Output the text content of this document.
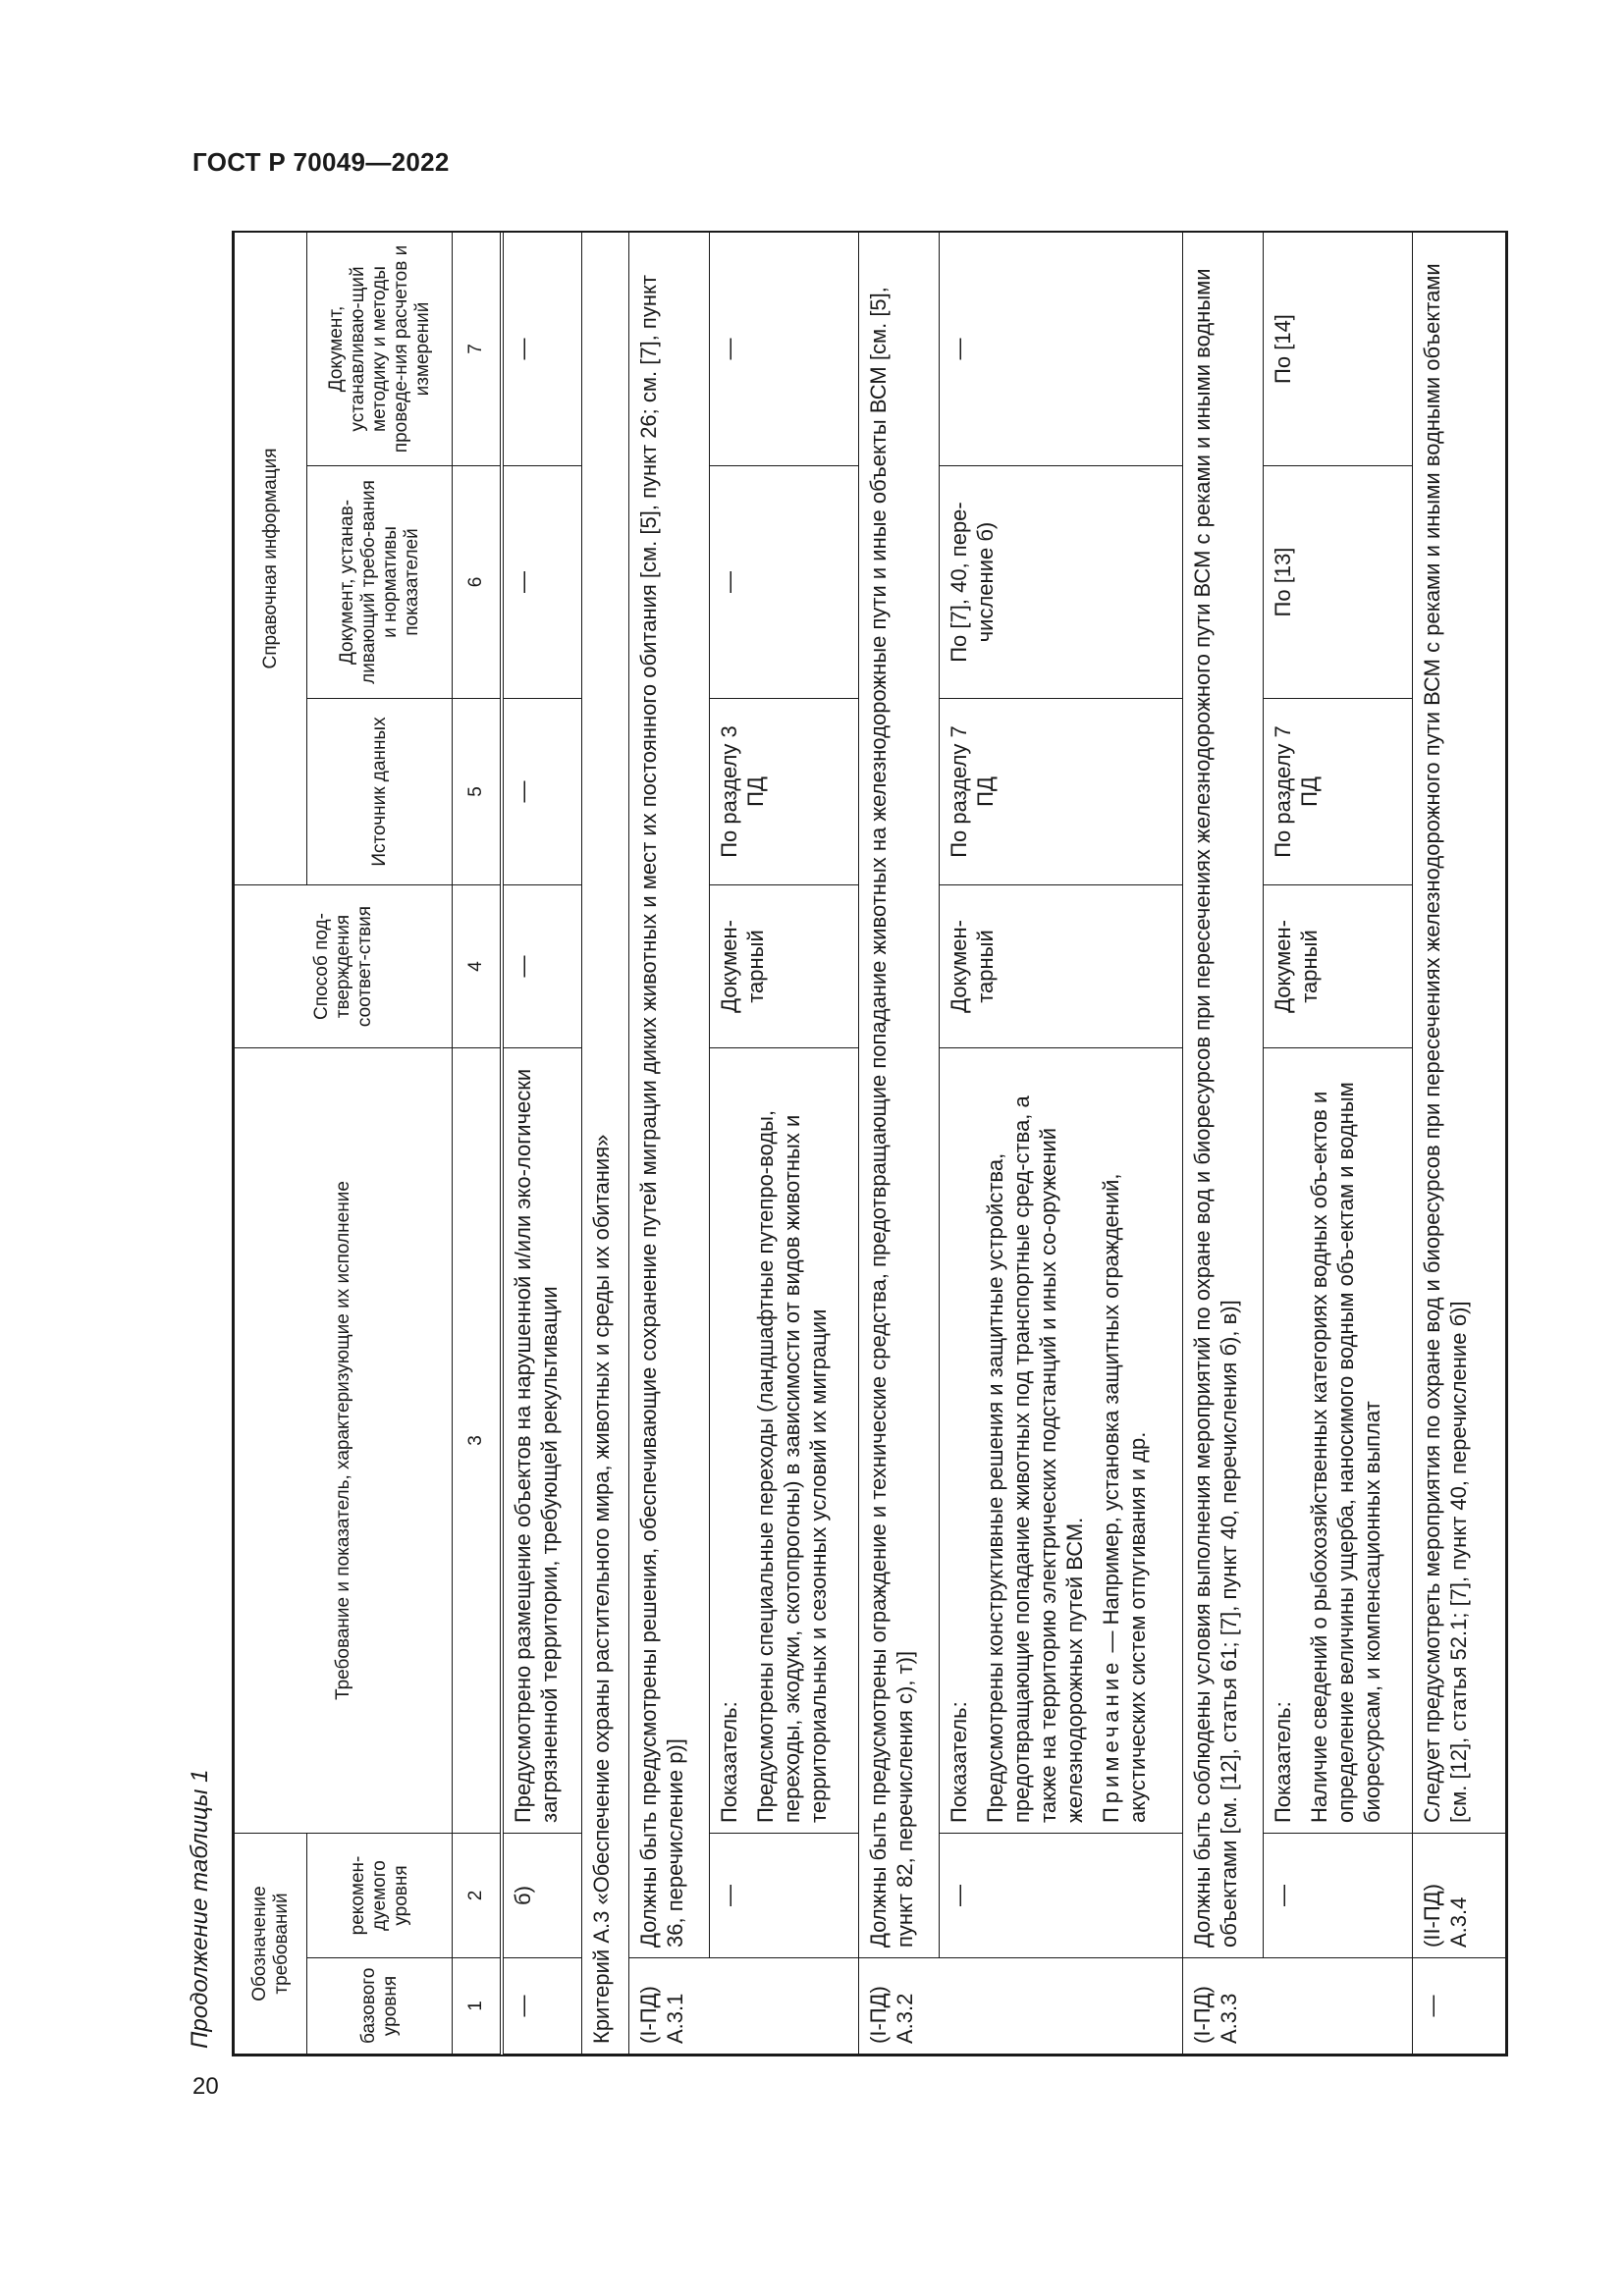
ГОСТ Р 70049—2022
Продолжение таблицы 1
20
Обозначение требований		Требование и показатель, характеризующие их исполнение	Способ под-тверждения соответ-ствия	Справочная информация		
базового уровня	рекомен-дуемого уровня			Источник данных	Документ, устанав-ливающий требо-вания и нормативы показателей	Документ, устанавливаю-щий методику и методы проведе-ния расчетов и измерений
1	2	3	4	5	6	7
—	б)	Предусмотрено размещение объектов на нарушенной и/или эко-логически загрязненной территории, требующей рекультивации	—	—	—	—
Критерий А.3 «Обеспечение охраны растительного мира, животных и среды их обитания»						
(I-ПД) А.3.1	Должны быть предусмотрены решения, обеспечивающие сохранение путей миграции диких животных и мест их постоянного обитания [см. [5], пункт 26; см. [7], пункт 36, перечисление р)]					
	—	Показатель: Предусмотрены специальные переходы (ландшафтные путепро-воды, переходы, экодуки, скотопрогоны) в зависимости от видов животных и территориальных и сезонных условий их миграции	Докумен-тарный	По разделу 3 ПД	—	—
(I-ПД) А.3.2	Должны быть предусмотрены ограждение и технические средства, предотвращающие попадание животных на железнодорожные пути и иные объекты ВСМ [см. [5], пункт 82, перечисления с), т)]					
	—	Показатель: Предусмотрены конструктивные решения и защитные устройства, предотвращающие попадание животных под транспортные сред-ства, а также на территорию электрических подстанций и иных со-оружений железнодорожных путей ВСМ. Примечание — Например, установка защитных ограждений, акустических систем отпугивания и др.	Докумен-тарный	По разделу 7 ПД	По [7], 40, пере-числение б)	—
(I-ПД) А.3.3	Должны быть соблюдены условия выполнения мероприятий по охране вод и биоресурсов при пересечениях железнодорожного пути ВСМ с реками и иными водными объектами [см. [12], статья 61; [7], пункт 40, перечисления б), в)]					
	—	Показатель: Наличие сведений о рыбохозяйственных категориях водных объ-ектов и определение величины ущерба, наносимого водным объ-ектам и водным биоресурсам, и компенсационных выплат	Докумен-тарный	По разделу 7 ПД	По [13]	По [14]
—	(II-ПД) А.3.4	Следует предусмотреть мероприятия по охране вод и биоресурсов при пересечениях железнодорожного пути ВСМ с реками и иными водными объектами [см. [12], статья 52.1; [7], пункт 40, перечисление б)]				
